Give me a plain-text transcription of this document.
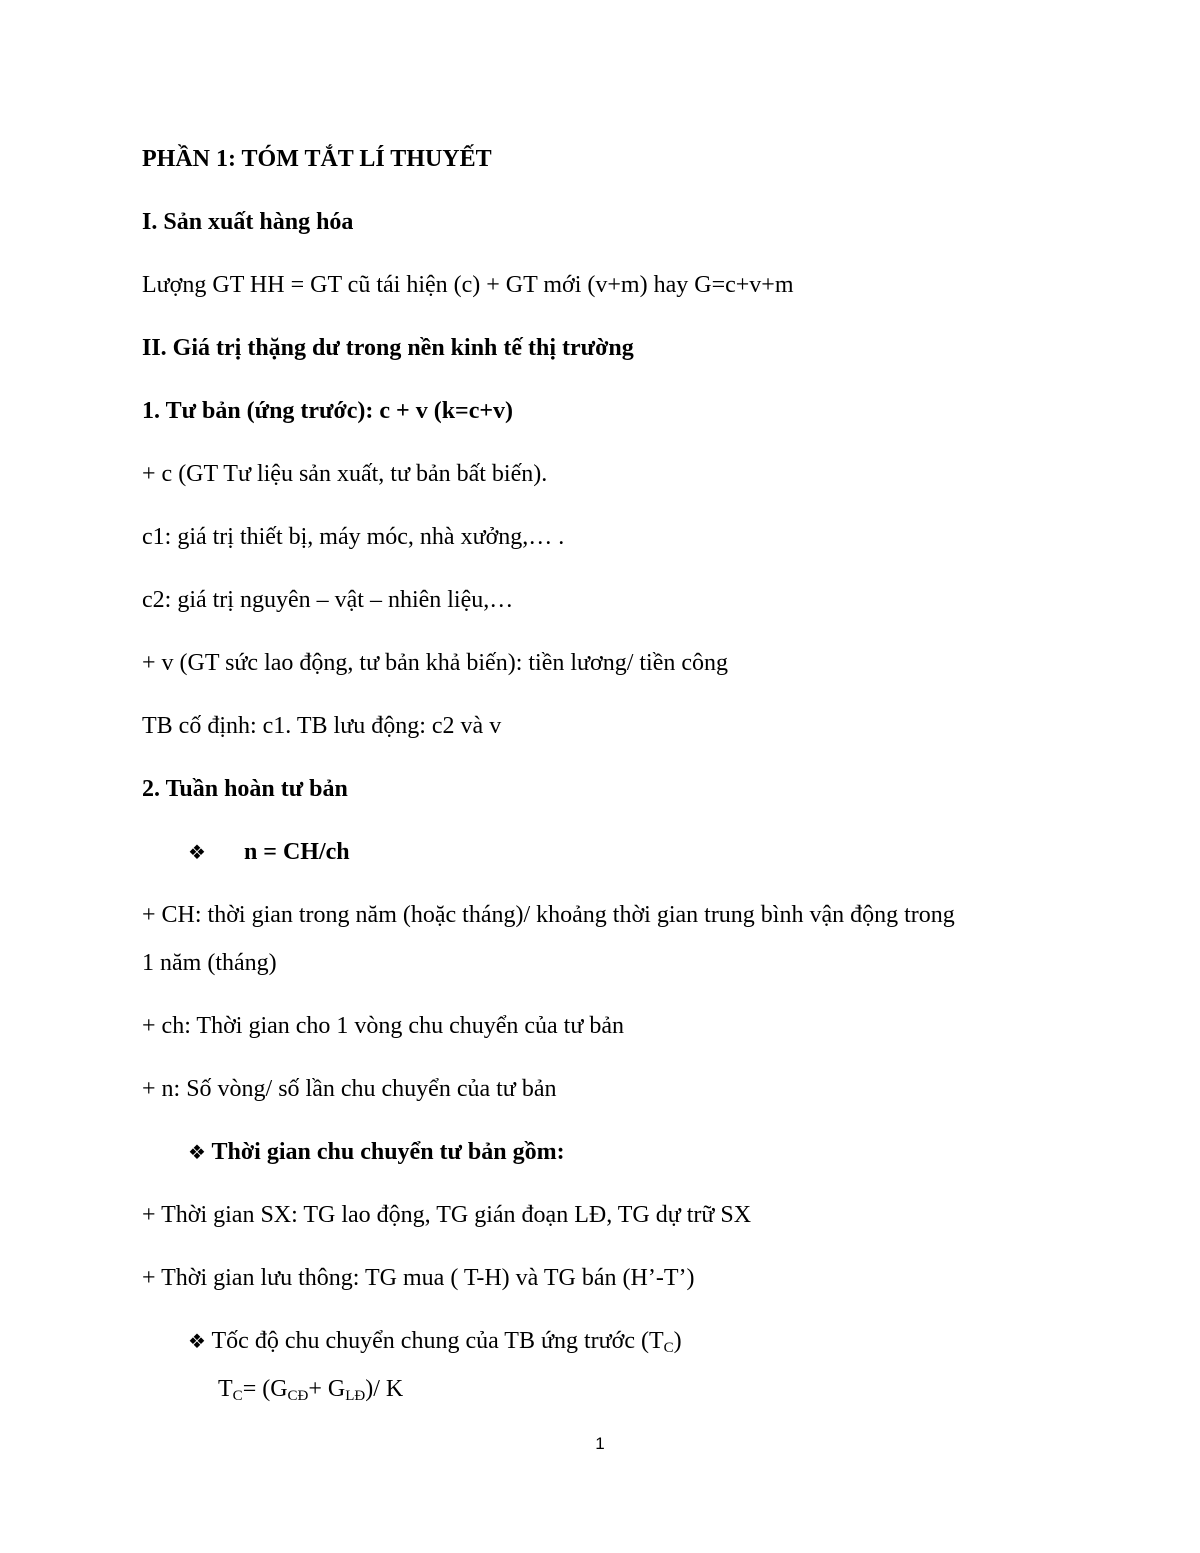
PHẦN 1: TÓM TẮT LÍ THUYẾT
I. Sản xuất hàng hóa
Lượng GT HH = GT cũ tái hiện (c) + GT mới (v+m) hay G=c+v+m
II. Giá trị thặng dư trong nền kinh tế thị trường
1. Tư bản (ứng trước): c + v (k=c+v)
+ c (GT Tư liệu sản xuất, tư bản bất biến).
c1: giá trị thiết bị, máy móc, nhà xưởng,… .
c2: giá trị nguyên – vật – nhiên liệu,…
+ v (GT sức lao động, tư bản khả biến): tiền lương/ tiền công
TB cố định: c1. TB lưu động: c2 và v
2. Tuần hoàn tư bản
❖ n = CH/ch
+ CH: thời gian trong năm (hoặc tháng)/ khoảng thời gian trung bình vận động trong
1 năm (tháng)
+ ch: Thời gian cho 1 vòng chu chuyển của tư bản
+ n: Số vòng/ số lần chu chuyển của tư bản
❖ Thời gian chu chuyển tư bản gồm:
+ Thời gian SX: TG lao động, TG gián đoạn LĐ, TG dự trữ SX
+ Thời gian lưu thông: TG mua ( T-H) và TG bán (H’-T’)
❖ Tốc độ chu chuyển chung của TB ứng trước $(T_C)$
$T_C= (G_{CĐ}+ G_{LĐ})/$ K
1
